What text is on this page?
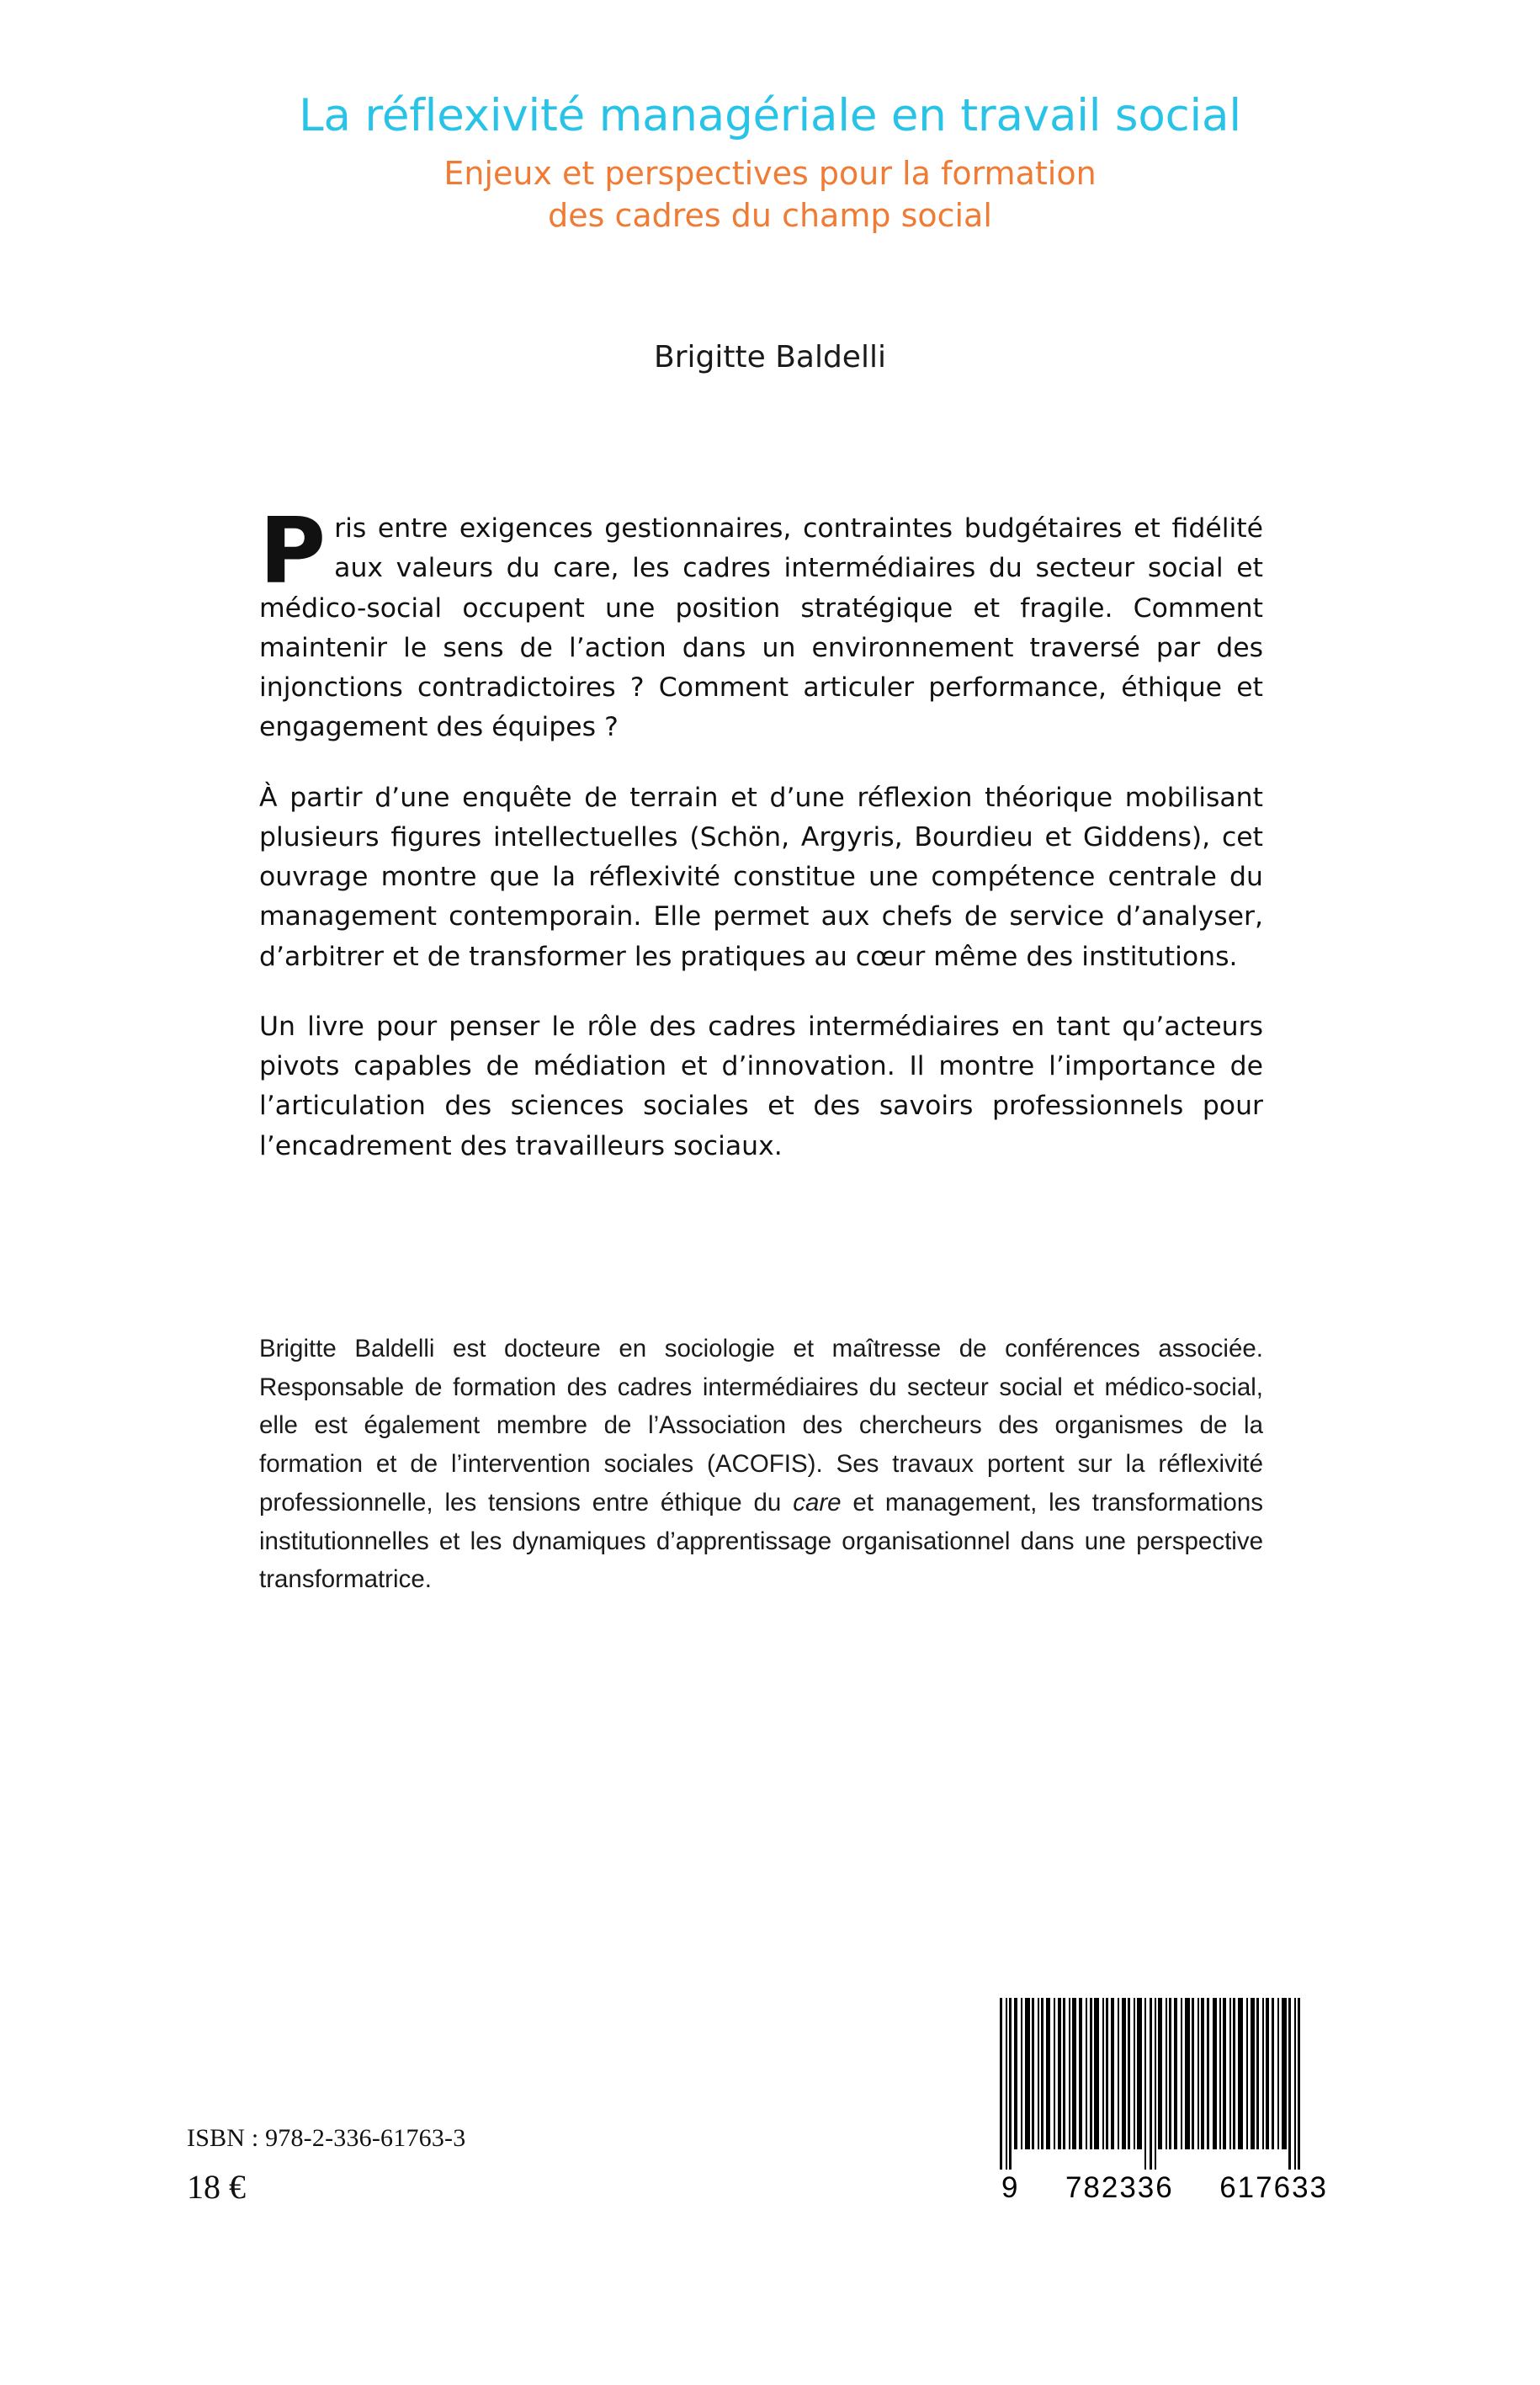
La réflexivité managériale en travail social
Enjeux et perspectives pour la formation
des cadres du champ social
Brigitte Baldelli

Pris entre exigences gestionnaires, contraintes budgétaires et fidélité aux valeurs du care, les cadres intermédiaires du secteur social et médico-social occupent une position stratégique et fragile. Comment maintenir le sens de l’action dans un environnement traversé par des injonctions contradictoires ? Comment articuler performance, éthique et engagement des équipes ?

À partir d’une enquête de terrain et d’une réflexion théorique mobilisant plusieurs figures intellectuelles (Schön, Argyris, Bourdieu et Giddens), cet ouvrage montre que la réflexivité constitue une compétence centrale du management contemporain. Elle permet aux chefs de service d’analyser, d’arbitrer et de transformer les pratiques au cœur même des institutions.

Un livre pour penser le rôle des cadres intermédiaires en tant qu’acteurs pivots capables de médiation et d’innovation. Il montre l’importance de l’articulation des sciences sociales et des savoirs professionnels pour l’encadrement des travailleurs sociaux.

Brigitte Baldelli est docteure en sociologie et maîtresse de conférences associée. Responsable de formation des cadres intermédiaires du secteur social et médico-social, elle est également membre de l’Association des chercheurs des organismes de la formation et de l’intervention sociales (ACOFIS). Ses travaux portent sur la réflexivité professionnelle, les tensions entre éthique du care et management, les transformations institutionnelles et les dynamiques d’apprentissage organisationnel dans une perspective transformatrice.

ISBN : 978-2-336-61763-3
18 €	9 782336 617633
